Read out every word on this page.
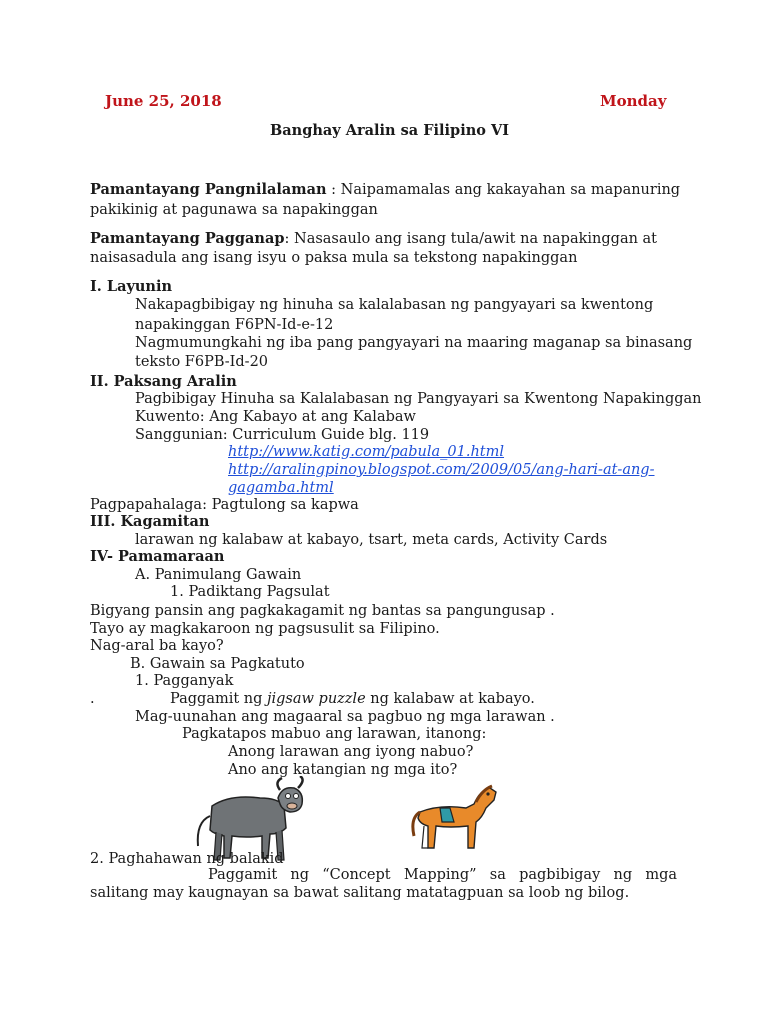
June 25, 2018	Monday
Banghay Aralin sa Filipino VI
Pamantayang Pangnilalaman : Naipamamalas ang kakayahan sa mapanuring
pakikinig at pagunawa sa napakinggan
Pamantayang Pagganap: Nasasaulo ang isang tula/awit na napakinggan at
naisasadula ang isang isyu o paksa mula sa tekstong napakinggan
I. Layunin
Nakapagbibigay ng hinuha sa kalalabasan ng pangyayari sa kwentong
napakinggan F6PN-Id-e-12
Nagmumungkahi ng iba pang pangyayari na maaring maganap sa binasang
teksto F6PB-Id-20
II. Paksang Aralin
Pagbibigay Hinuha sa Kalalabasan ng Pangyayari sa Kwentong Napakinggan
Kuwento: Ang Kabayo at ang Kalabaw
Sanggunian: Curriculum Guide blg. 119
http://www.katig.com/pabula_01.html
http://aralingpinoy.blogspot.com/2009/05/ang-hari-at-ang-
gagamba.html
Pagpapahalaga: Pagtulong sa kapwa
III. Kagamitan
larawan ng kalabaw at kabayo, tsart, meta cards, Activity Cards
IV- Pamamaraan
A. Panimulang Gawain
1. Padiktang Pagsulat
Bigyang pansin ang pagkakagamit ng bantas sa pangungusap .
Tayo ay magkakaroon ng pagsusulit sa Filipino.
Nag-aral ba kayo?
B. Gawain sa Pagkatuto
1. Pagganyak
.	Paggamit ng jigsaw puzzle ng kalabaw at kabayo.
Mag-uunahan ang magaaral sa pagbuo ng mga larawan .
Pagkatapos mabuo ang larawan, itanong:
Anong larawan ang iyong nabuo?
Ano ang katangian ng mga ito?
2. Paghahawan ng balakid
Paggamit ng “Concept Mapping” sa pagbibigay ng mga salitang may kaugnayan sa bawat salitang matatagpuan sa loob ng bilog.
